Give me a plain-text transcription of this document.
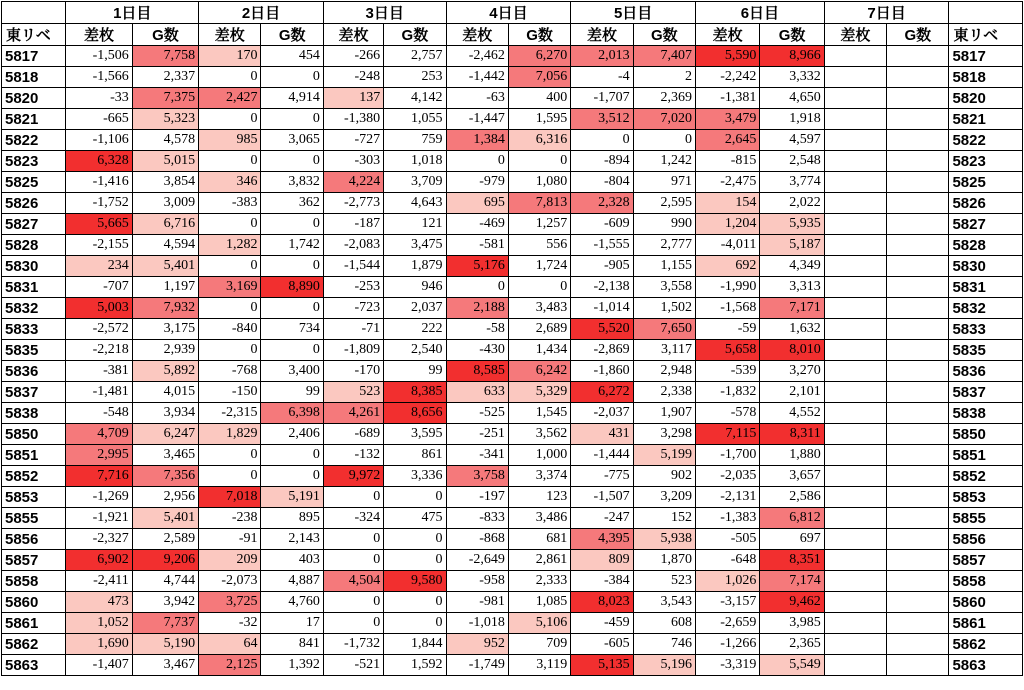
	1日目		2日目		3日目		4日目		5日目		6日目		7日目		
東リベ	差枚	G数	差枚	G数	差枚	G数	差枚	G数	差枚	G数	差枚	G数	差枚	G数	東リベ
5817	-1,506	7,758	170	454	-266	2,757	-2,462	6,270	2,013	7,407	5,590	8,966			5817
5818	-1,566	2,337	0	0	-248	253	-1,442	7,056	-4	2	-2,242	3,332			5818
5820	-33	7,375	2,427	4,914	137	4,142	-63	400	-1,707	2,369	-1,381	4,650			5820
5821	-665	5,323	0	0	-1,380	1,055	-1,447	1,595	3,512	7,020	3,479	1,918			5821
5822	-1,106	4,578	985	3,065	-727	759	1,384	6,316	0	0	2,645	4,597			5822
5823	6,328	5,015	0	0	-303	1,018	0	0	-894	1,242	-815	2,548			5823
5825	-1,416	3,854	346	3,832	4,224	3,709	-979	1,080	-804	971	-2,475	3,774			5825
5826	-1,752	3,009	-383	362	-2,773	4,643	695	7,813	2,328	2,595	154	2,022			5826
5827	5,665	6,716	0	0	-187	121	-469	1,257	-609	990	1,204	5,935			5827
5828	-2,155	4,594	1,282	1,742	-2,083	3,475	-581	556	-1,555	2,777	-4,011	5,187			5828
5830	234	5,401	0	0	-1,544	1,879	5,176	1,724	-905	1,155	692	4,349			5830
5831	-707	1,197	3,169	8,890	-253	946	0	0	-2,138	3,558	-1,990	3,313			5831
5832	5,003	7,932	0	0	-723	2,037	2,188	3,483	-1,014	1,502	-1,568	7,171			5832
5833	-2,572	3,175	-840	734	-71	222	-58	2,689	5,520	7,650	-59	1,632			5833
5835	-2,218	2,939	0	0	-1,809	2,540	-430	1,434	-2,869	3,117	5,658	8,010			5835
5836	-381	5,892	-768	3,400	-170	99	8,585	6,242	-1,860	2,948	-539	3,270			5836
5837	-1,481	4,015	-150	99	523	8,385	633	5,329	6,272	2,338	-1,832	2,101			5837
5838	-548	3,934	-2,315	6,398	4,261	8,656	-525	1,545	-2,037	1,907	-578	4,552			5838
5850	4,709	6,247	1,829	2,406	-689	3,595	-251	3,562	431	3,298	7,115	8,311			5850
5851	2,995	3,465	0	0	-132	861	-341	1,000	-1,444	5,199	-1,700	1,880			5851
5852	7,716	7,356	0	0	9,972	3,336	3,758	3,374	-775	902	-2,035	3,657			5852
5853	-1,269	2,956	7,018	5,191	0	0	-197	123	-1,507	3,209	-2,131	2,586			5853
5855	-1,921	5,401	-238	895	-324	475	-833	3,486	-247	152	-1,383	6,812			5855
5856	-2,327	2,589	-91	2,143	0	0	-868	681	4,395	5,938	-505	697			5856
5857	6,902	9,206	209	403	0	0	-2,649	2,861	809	1,870	-648	8,351			5857
5858	-2,411	4,744	-2,073	4,887	4,504	9,580	-958	2,333	-384	523	1,026	7,174			5858
5860	473	3,942	3,725	4,760	0	0	-981	1,085	8,023	3,543	-3,157	9,462			5860
5861	1,052	7,737	-32	17	0	0	-1,018	5,106	-459	608	-2,659	3,985			5861
5862	1,690	5,190	64	841	-1,732	1,844	952	709	-605	746	-1,266	2,365			5862
5863	-1,407	3,467	2,125	1,392	-521	1,592	-1,749	3,119	5,135	5,196	-3,319	5,549			5863
